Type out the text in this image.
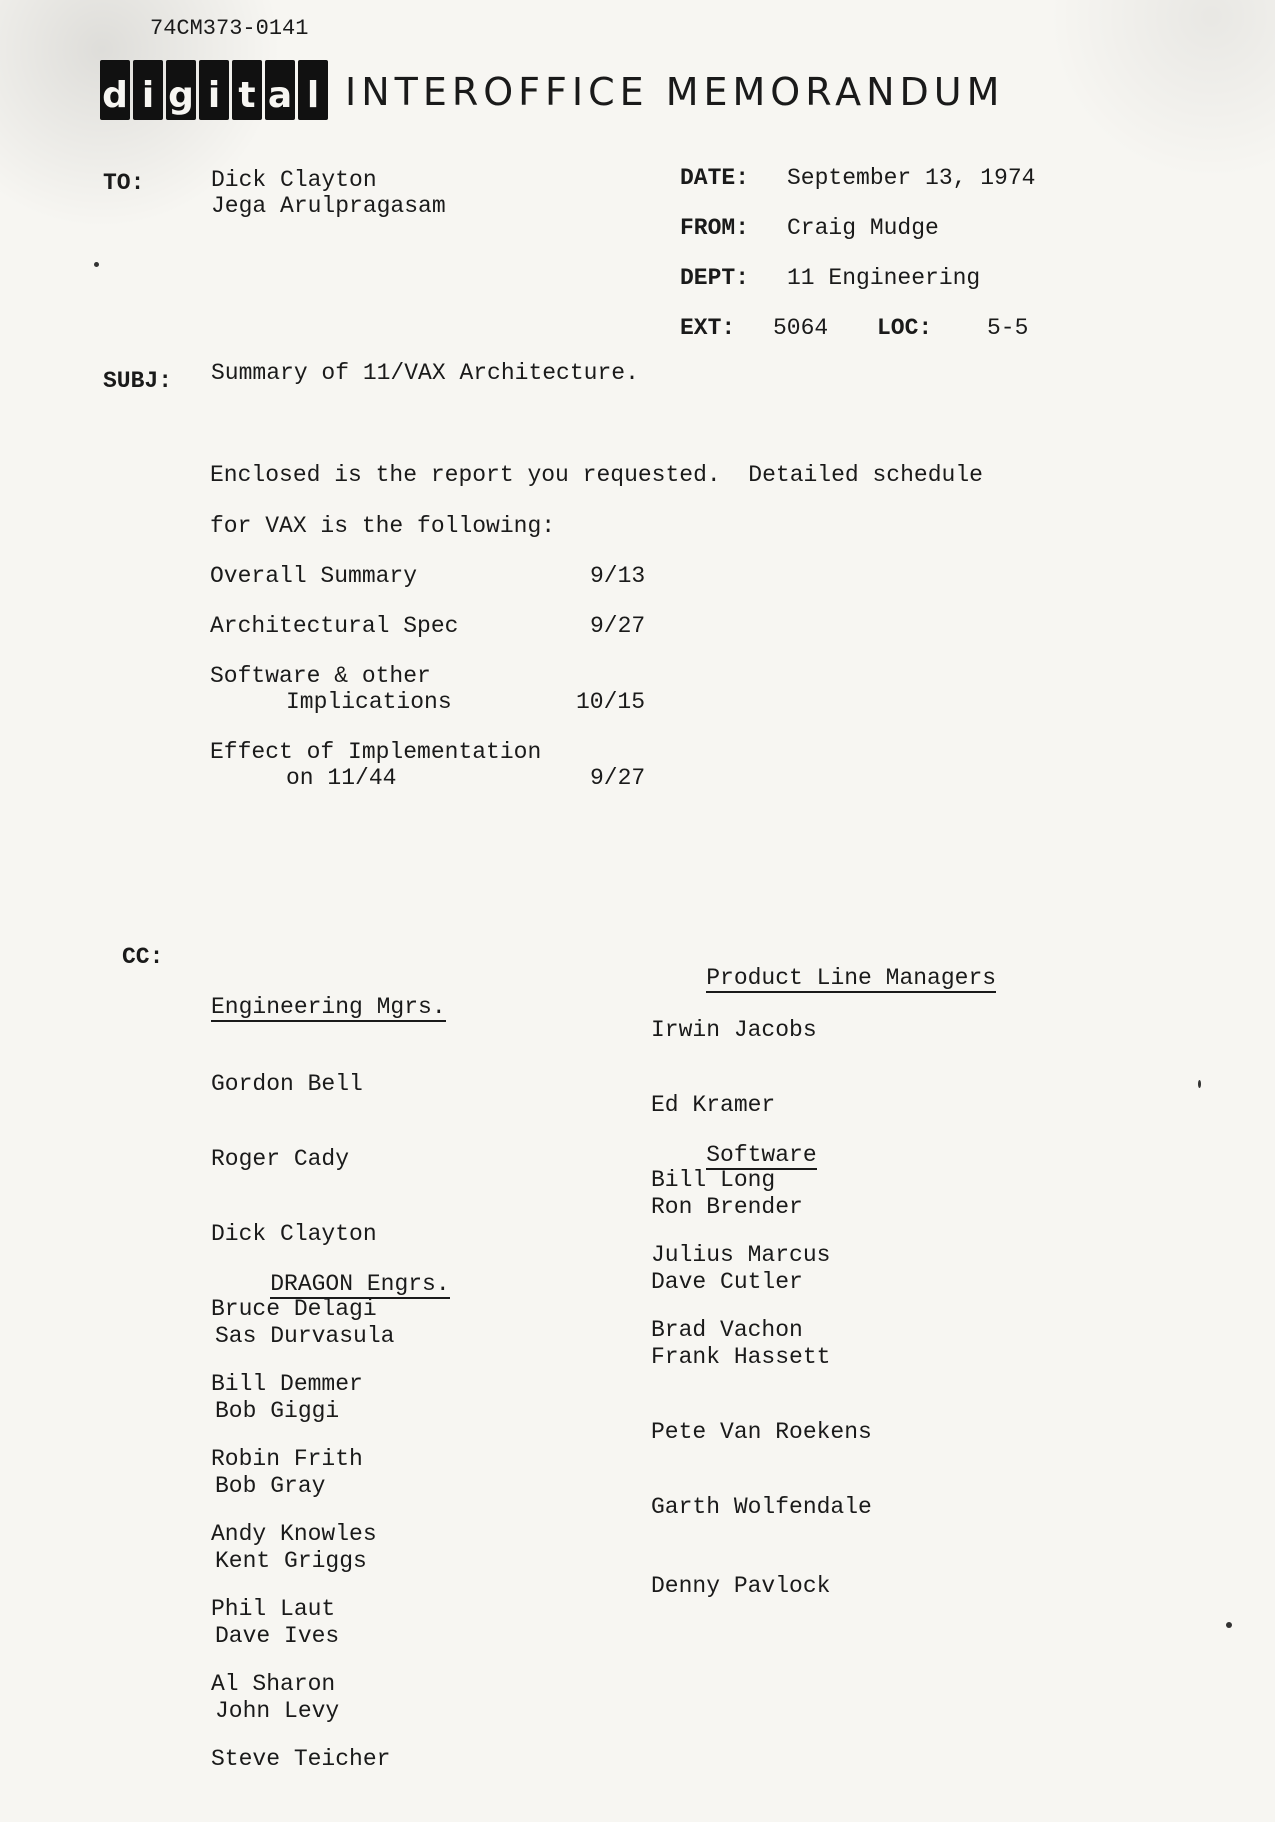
74CM373-0141
d i g i t a l INTEROFFICE MEMORANDUM
TO:	Dick Clayton
Jega Arulpragasam
DATE: September 13, 1974
FROM: Craig Mudge
DEPT: 11 Engineering
EXT: 5064 LOC: 5-5
SUBJ: Summary of 11/VAX Architecture.
Enclosed is the report you requested.  Detailed schedule
for VAX is the following:
Overall Summary	9/13
Architectural Spec	9/27
Software & other
Implications	10/15
Effect of Implementation
on 11/44	9/27
CC:

Engineering Mgrs.

Gordon Bell

Roger Cady

Dick Clayton

Bruce Delagi

Bill Demmer

Robin Frith

Andy Knowles

Phil Laut

Al Sharon

Steve Teicher

DRAGON Engrs.

Sas Durvasula

Bob Giggi

Bob Gray

Kent Griggs

Dave Ives

John Levy

Product Line Managers

Irwin Jacobs

Ed Kramer

Bill Long

Julius Marcus

Brad Vachon

Software

Ron Brender

Dave Cutler

Frank Hassett

Pete Van Roekens

Garth Wolfendale

Denny Pavlock
